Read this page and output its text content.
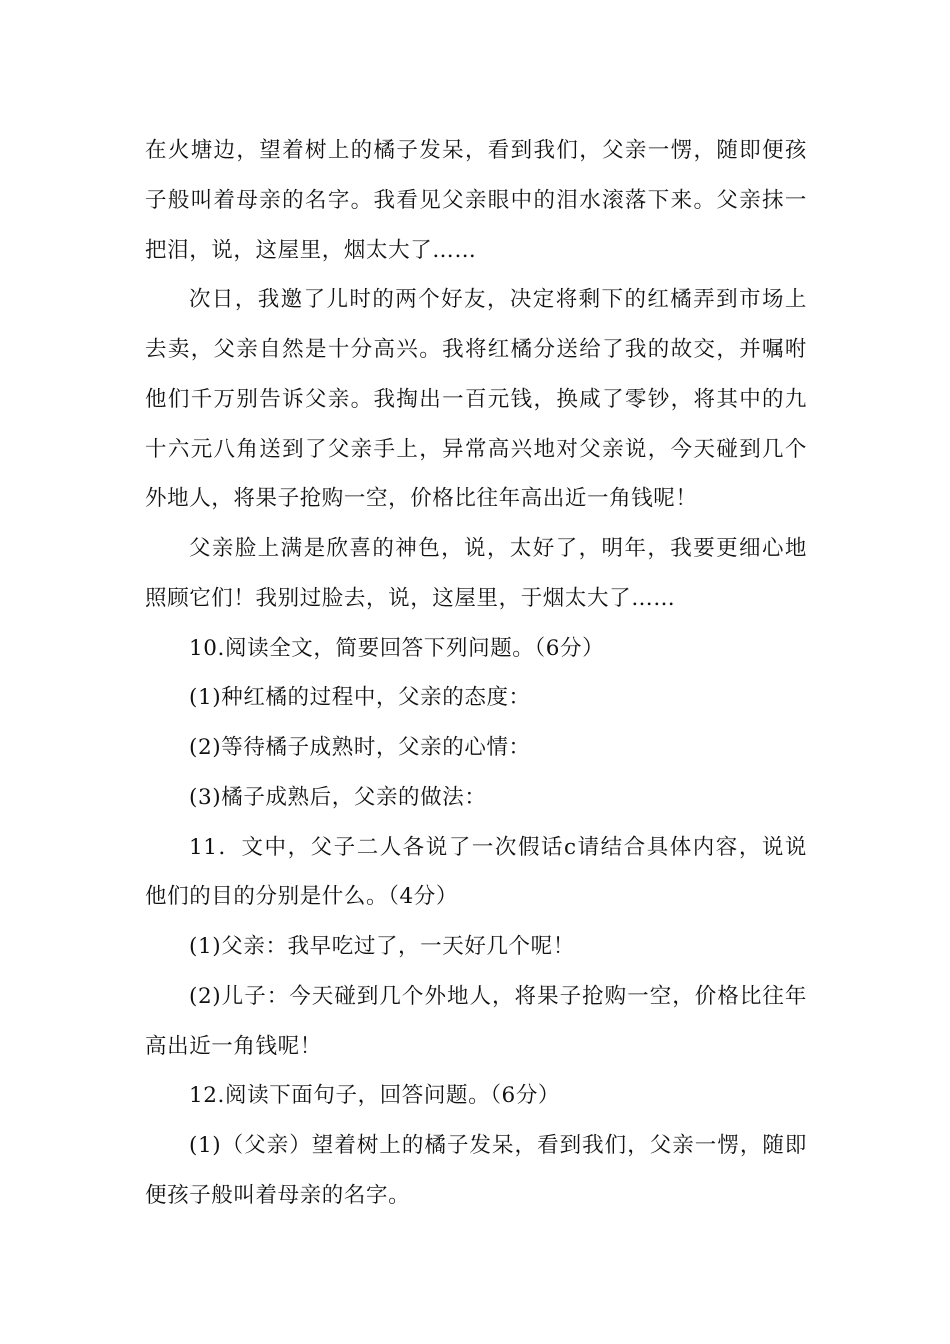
在火塘边，望着树上的橘子发呆，看到我们，父亲一愣，随即便孩
子般叫着母亲的名字。我看见父亲眼中的泪水滚落下来。父亲抹一
把泪，说，这屋里，烟太大了……
次日，我邀了儿时的两个好友，决定将剩下的红橘弄到市场上
去卖，父亲自然是十分高兴。我将红橘分送给了我的故交，并嘱咐
他们千万别告诉父亲。我掏出一百元钱，换咸了零钞，将其中的九
十六元八角送到了父亲手上，异常高兴地对父亲说，今天碰到几个
外地人，将果子抢购一空，价格比往年高出近一角钱呢！
父亲脸上满是欣喜的神色，说，太好了，明年，我要更细心地
照顾它们！我别过脸去，说，这屋里，于烟太大了……
10.阅读全文，简要回答下列问题。（6分）
(1)种红橘的过程中，父亲的态度：
(2)等待橘子成熟时，父亲的心情：
(3)橘子成熟后，父亲的做法：
11．文中，父子二人各说了一次假话c请结合具体内容，说说
他们的目的分别是什么。（4分）
(1)父亲：我早吃过了，一天好几个呢！
(2)儿子：今天碰到几个外地人，将果子抢购一空，价格比往年
高出近一角钱呢！
12.阅读下面句子，回答问题。（6分）
(1)（父亲）望着树上的橘子发呆，看到我们，父亲一愣，随即
便孩子般叫着母亲的名字。
